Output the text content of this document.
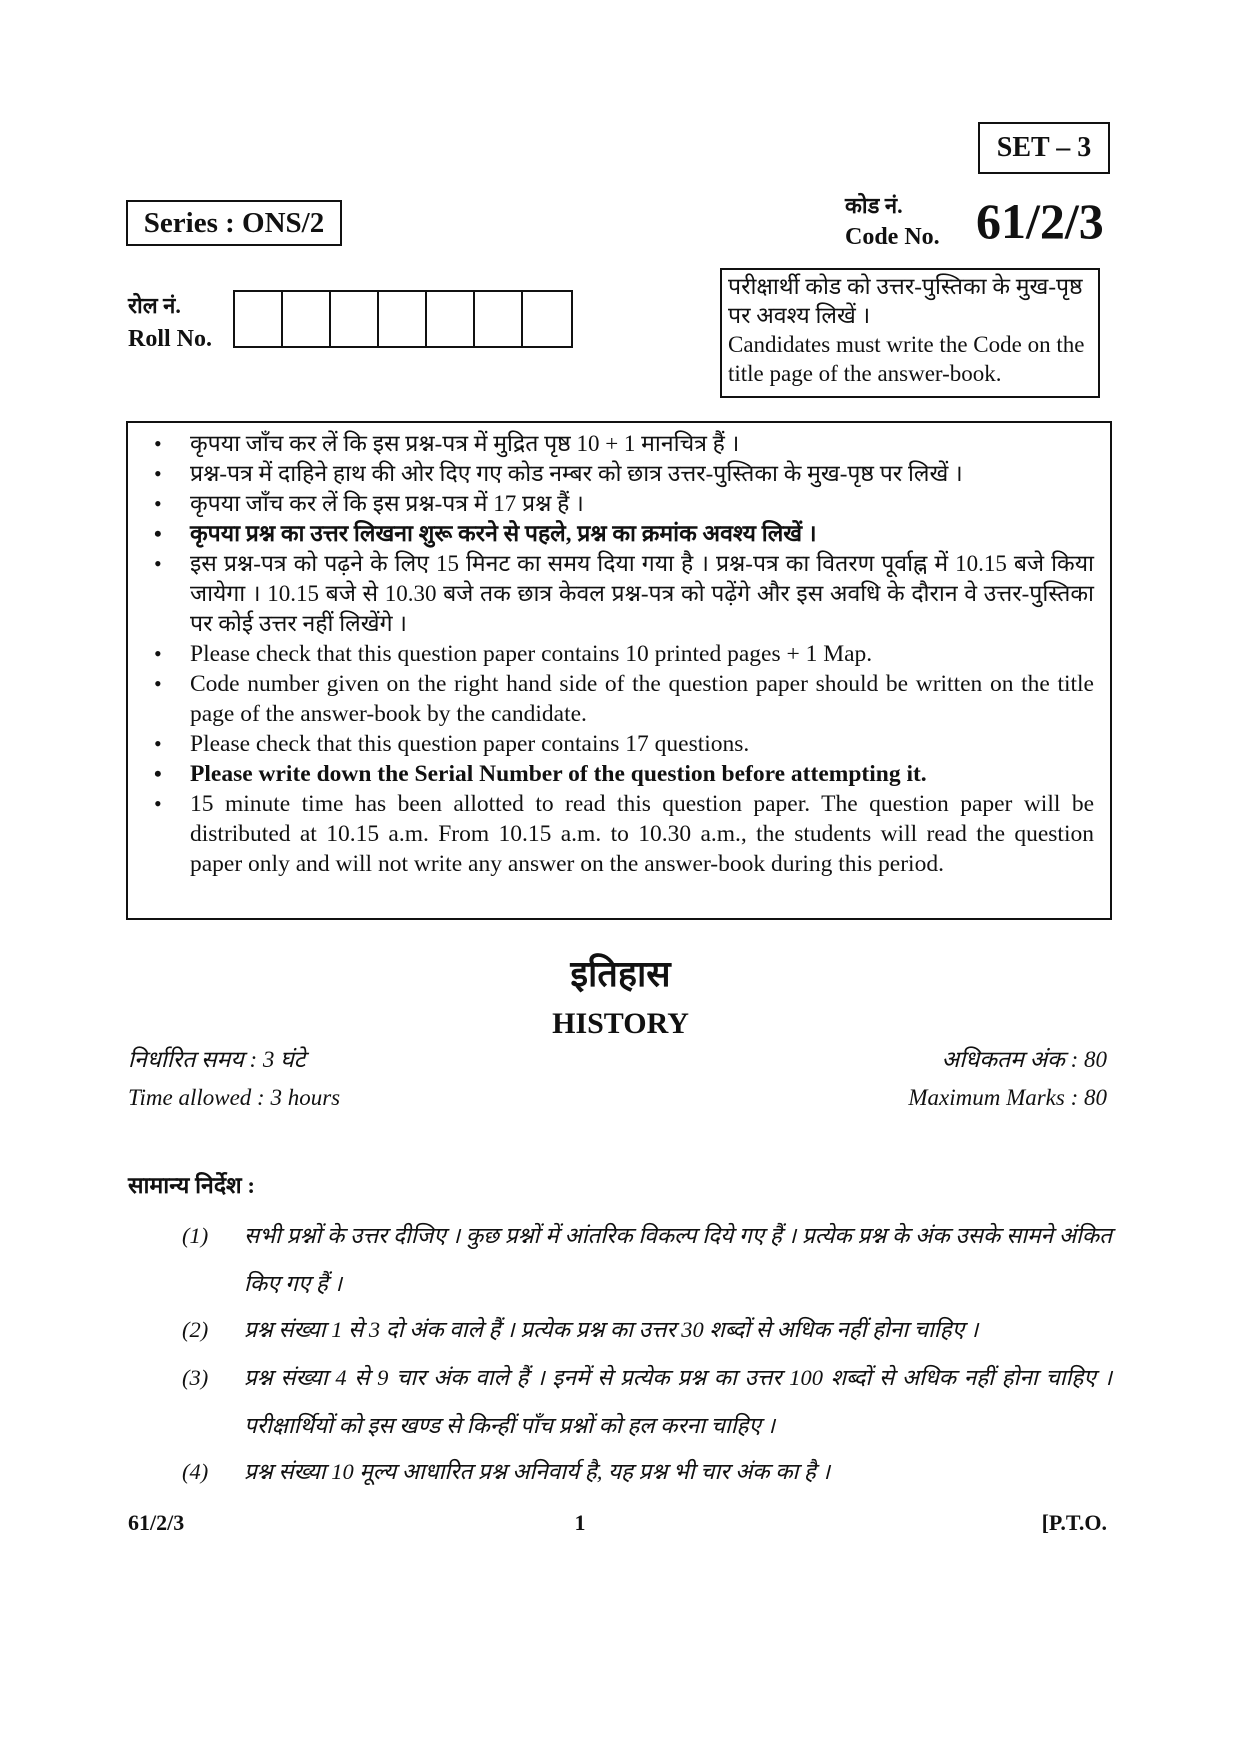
SET – 3
Series : ONS/2
कोड नं.
Code No. 61/2/3
रोल नं.
Roll No.
परीक्षार्थी कोड को उत्तर-पुस्तिका के मुख-पृष्ठ पर अवश्य लिखें ।
Candidates must write the Code on the title page of the answer-book.
• कृपया जाँच कर लें कि इस प्रश्न-पत्र में मुद्रित पृष्ठ 10 + 1 मानचित्र हैं ।
• प्रश्न-पत्र में दाहिने हाथ की ओर दिए गए कोड नम्बर को छात्र उत्तर-पुस्तिका के मुख-पृष्ठ पर लिखें ।
• कृपया जाँच कर लें कि इस प्रश्न-पत्र में 17 प्रश्न हैं ।
• कृपया प्रश्न का उत्तर लिखना शुरू करने से पहले, प्रश्न का क्रमांक अवश्य लिखें ।
• इस प्रश्न-पत्र को पढ़ने के लिए 15 मिनट का समय दिया गया है । प्रश्न-पत्र का वितरण पूर्वाह्न में 10.15 बजे किया जायेगा । 10.15 बजे से 10.30 बजे तक छात्र केवल प्रश्न-पत्र को पढ़ेंगे और इस अवधि के दौरान वे उत्तर-पुस्तिका पर कोई उत्तर नहीं लिखेंगे ।
• Please check that this question paper contains 10 printed pages + 1 Map.
• Code number given on the right hand side of the question paper should be written on the title page of the answer-book by the candidate.
• Please check that this question paper contains 17 questions.
• Please write down the Serial Number of the question before attempting it.
• 15 minute time has been allotted to read this question paper. The question paper will be distributed at 10.15 a.m. From 10.15 a.m. to 10.30 a.m., the students will read the question paper only and will not write any answer on the answer-book during this period.
इतिहास
HISTORY
निर्धारित समय : 3 घंटे
Time allowed : 3 hours
अधिकतम अंक : 80
Maximum Marks : 80
सामान्य निर्देश :
(1) सभी प्रश्नों के उत्तर दीजिए । कुछ प्रश्नों में आंतरिक विकल्प दिये गए हैं । प्रत्येक प्रश्न के अंक उसके सामने अंकित किए गए हैं ।
(2) प्रश्न संख्या 1 से 3 दो अंक वाले हैं । प्रत्येक प्रश्न का उत्तर 30 शब्दों से अधिक नहीं होना चाहिए ।
(3) प्रश्न संख्या 4 से 9 चार अंक वाले हैं । इनमें से प्रत्येक प्रश्न का उत्तर 100 शब्दों से अधिक नहीं होना चाहिए । परीक्षार्थियों को इस खण्ड से किन्हीं पाँच प्रश्नों को हल करना चाहिए ।
(4) प्रश्न संख्या 10 मूल्य आधारित प्रश्न अनिवार्य है, यह प्रश्न भी चार अंक का है ।
61/2/3	1	[P.T.O.
